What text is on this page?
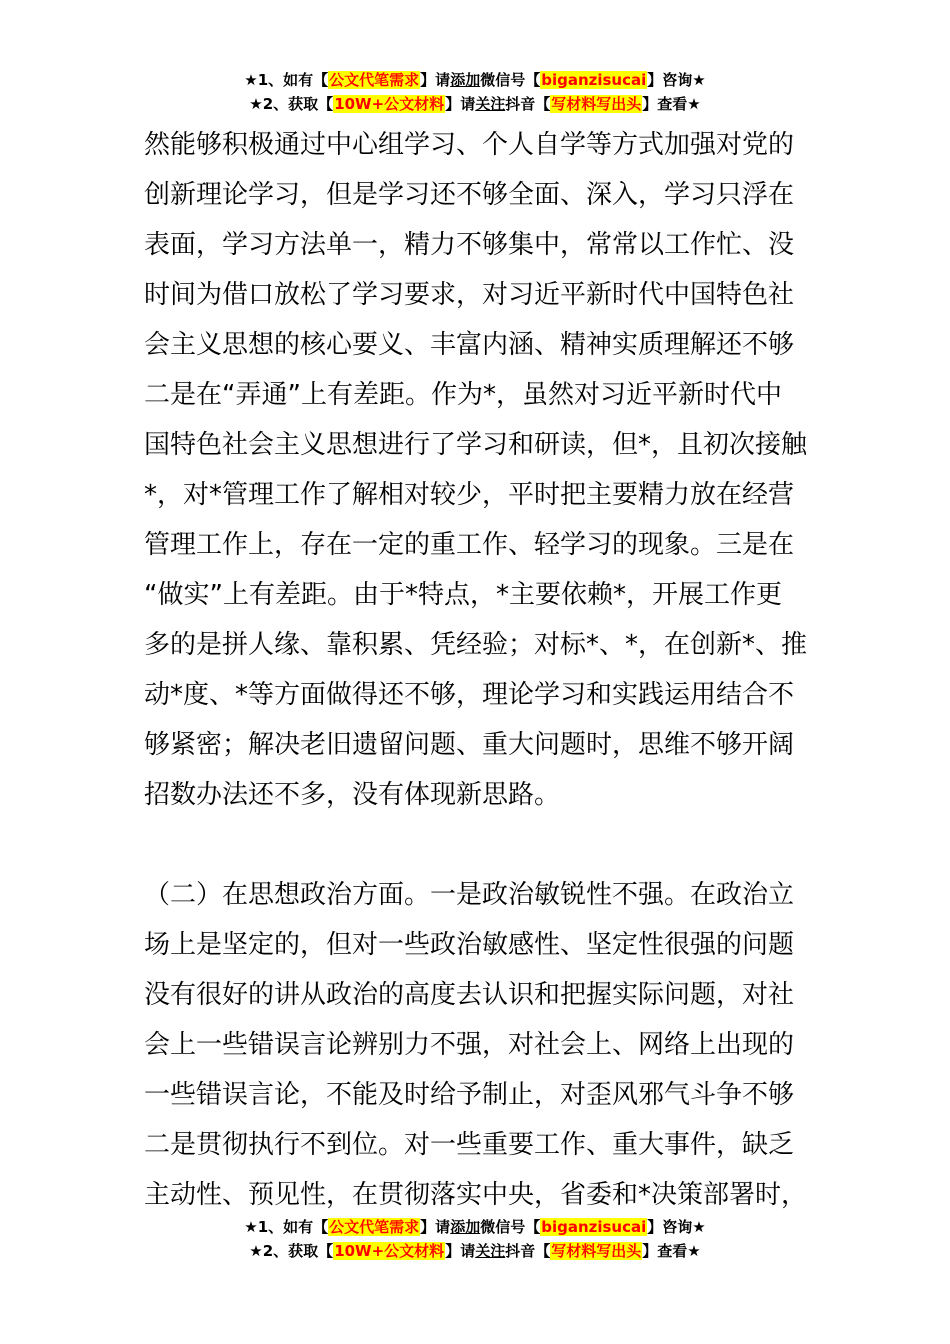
★1、如有【公文代笔需求】请添加微信号【biganzisucai】咨询★
★2、获取【10W+公文材料】请关注抖音【写材料写出头】查看★

然能够积极通过中心组学习、个人自学等方式加强对党的
创新理论学习，但是学习还不够全面、深入，学习只浮在
表面，学习方法单一，精力不够集中，常常以工作忙、没
时间为借口放松了学习要求，对习近平新时代中国特色社
会主义思想的核心要义、丰富内涵、精神实质理解还不够
二是在“弄通”上有差距。作为*，虽然对习近平新时代中
国特色社会主义思想进行了学习和研读，但*，且初次接触
*，对*管理工作了解相对较少，平时把主要精力放在经营
管理工作上，存在一定的重工作、轻学习的现象。三是在
“做实”上有差距。由于*特点，*主要依赖*，开展工作更
多的是拼人缘、靠积累、凭经验；对标*、*，在创新*、推
动*度、*等方面做得还不够，理论学习和实践运用结合不
够紧密；解决老旧遗留问题、重大问题时，思维不够开阔
招数办法还不多，没有体现新思路。

（二）在思想政治方面。一是政治敏锐性不强。在政治立
场上是坚定的，但对一些政治敏感性、坚定性很强的问题
没有很好的讲从政治的高度去认识和把握实际问题，对社
会上一些错误言论辨别力不强，对社会上、网络上出现的
一些错误言论，不能及时给予制止，对歪风邪气斗争不够
二是贯彻执行不到位。对一些重要工作、重大事件，缺乏
主动性、预见性，在贯彻落实中央，省委和*决策部署时，

★1、如有【公文代笔需求】请添加微信号【biganzisucai】咨询★
★2、获取【10W+公文材料】请关注抖音【写材料写出头】查看★
